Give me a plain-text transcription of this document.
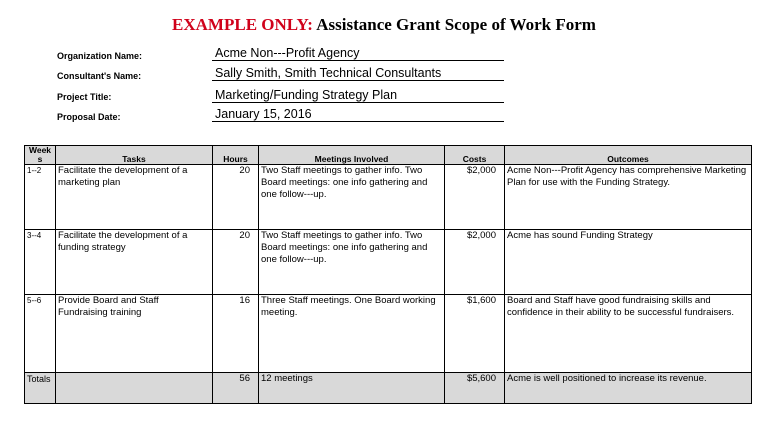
EXAMPLE ONLY: Assistance Grant Scope of Work Form
Organization Name:	Acme Non---Profit Agency
Consultant's Name:	Sally Smith, Smith Technical Consultants
Project Title:	Marketing/Funding Strategy Plan
Proposal Date:	January 15, 2016
Week s	Tasks	Hours	Meetings Involved	Costs	Outcomes
1--2	Facilitate the development of a marketing plan	20	Two Staff meetings to gather info. Two Board meetings: one info gathering and one follow--‑up.	$2,000	Acme Non---Profit Agency has comprehensive Marketing Plan for use with the Funding Strategy.
3--4	Facilitate the development of a funding strategy	20	Two Staff meetings to gather info. Two Board meetings: one info gathering and one follow--‑up.	$2,000	Acme has sound Funding Strategy
5--6	Provide Board and Staff Fundraising training	16	Three Staff meetings. One Board working meeting.	$1,600	Board and Staff have good fundraising skills and confidence in their ability to be successful fundraisers.
Totals		56	12 meetings	$5,600	Acme is well positioned to increase its revenue.
